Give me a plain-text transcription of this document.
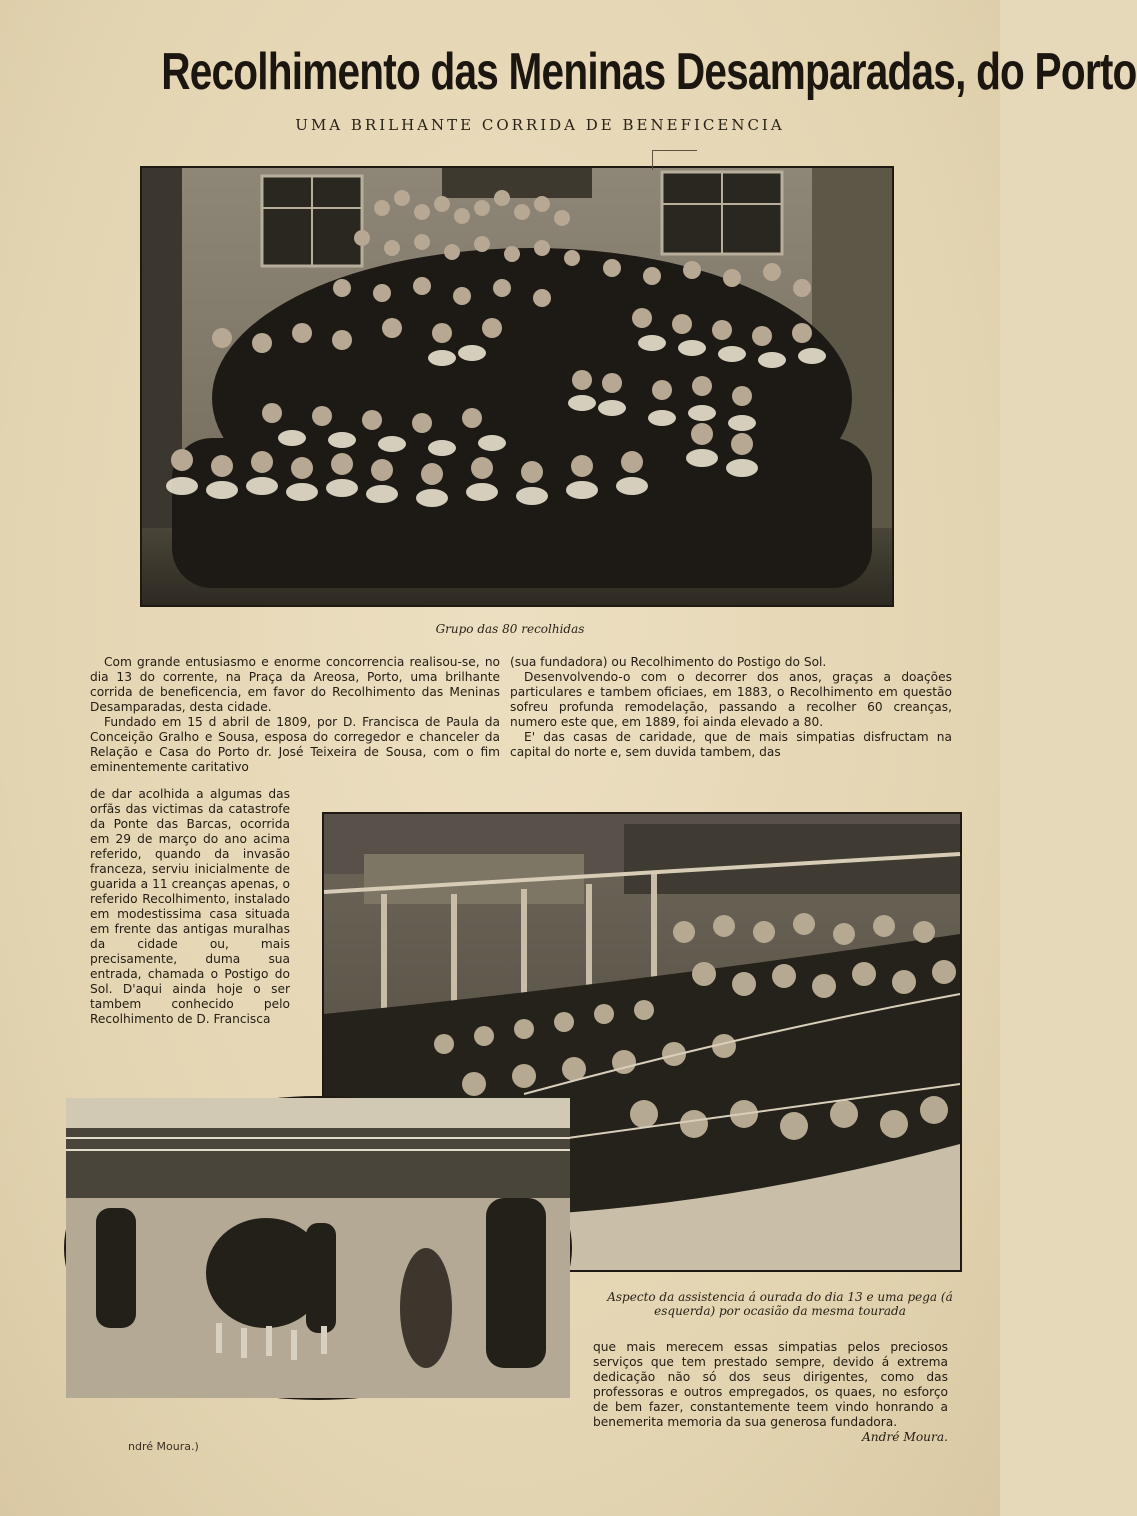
Recolhimento das Meninas Desamparadas, do Porto
UMA BRILHANTE CORRIDA DE BENEFICENCIA
Grupo das 80 recolhidas

Com grande entusiasmo e enorme concorrencia realisou-se, no dia 13 do corrente, na Praça da Areosa, Porto, uma brilhante corrida de beneficencia, em favor do Recolhimento das Meninas Desamparadas, desta cidade.

Fundado em 15 d abril de 1809, por D. Francisca de Paula da Conceição Gralho e Sousa, esposa do corregedor e chanceler da Relação e Casa do Porto dr. José Teixeira de Sousa, com o fim eminentemente caritativo

de dar acolhida a algumas das orfãs das victimas da catastrofe da Ponte das Barcas, ocorrida em 29 de março do ano acima referido, quando da invasão franceza, serviu inicialmente de guarida a 11 creanças apenas, o referido Recolhimento, instalado em modestissima casa situada em frente das antigas muralhas da cidade ou, mais precisamente, duma sua entrada, chamada o Postigo do Sol. D'aqui ainda hoje o ser tambem conhecido pelo Recolhimento de D. Francisca

(sua fundadora) ou Recolhimento do Postigo do Sol.

Desenvolvendo-o com o decorrer dos anos, graças a doações particulares e tambem oficiaes, em 1883, o Recolhimento em questão sofreu profunda remodelação, passando a recolher 60 creanças, numero este que, em 1889, foi ainda elevado a 80.

E' das casas de caridade, que de mais simpatias disfructam na capital do norte e, sem duvida tambem, das

Aspecto da assistencia á ourada do dia 13 e uma pega (á esquerda) por ocasião da mesma tourada

que mais merecem essas simpatias pelos preciosos serviços que tem prestado sempre, devido á extrema dedicação não só dos seus dirigentes, como das professoras e outros empregados, os quaes, no esforço de bem fazer, constantemente teem vindo honrando a benemerita memoria da sua generosa fundadora.

André Moura.

ndré Moura.)
